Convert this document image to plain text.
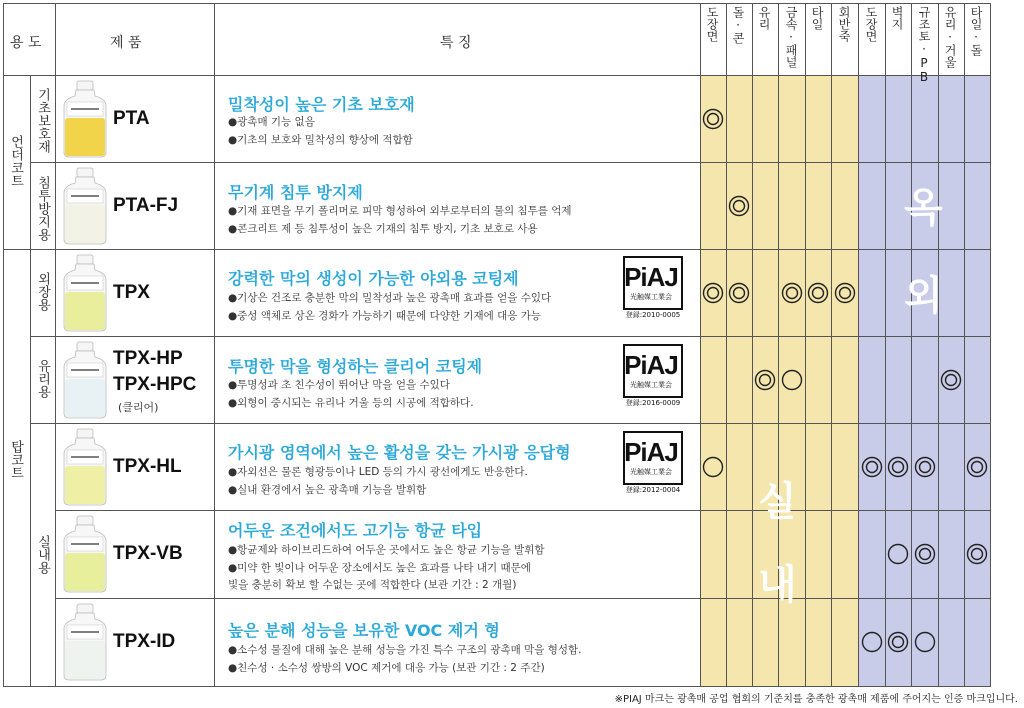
용 도	제 품	특 징
도장면 돌·콘 유리 금속·패널 타일 회반죽 도장면 벽지 규조토·PB 유리·거울 타일·돌
언더코트
탑코트
기초보호재
침투방지용
외장용
유리용
실내용
PTA
PTA-FJ
TPX
TPX-HP
TPX-HPC
(클리어)
TPX-HL
TPX-VB
TPX-ID
밀착성이 높은 기초 보호재
●광촉매 기능 없음
●기초의 보호와 밀착성의 향상에 적합함
무기계 침투 방지제
●기재 표면을 무기 폴리머로 피막 형성하여 외부로부터의 물의 침투를 억제
●콘크리트 제 등 침투성이 높은 기재의 침투 방지, 기초 보호로 사용
강력한 막의 생성이 가능한 야외용 코팅제
●기상은 건조로 충분한 막의 밀착성과 높은 광촉매 효과를 얻을 수있다
●중성 액체로 상온 경화가 가능하기 때문에 다양한 기재에 대응 가능
투명한 막을 형성하는 클리어 코팅제
●투명성과 초 친수성이 뛰어난 막을 얻을 수있다
●외형이 중시되는 유리나 거울 등의 시공에 적합하다.
가시광 영역에서 높은 활성을 갖는 가시광 응답형
●자외선은 물론 형광등이나 LED 등의 가시 광선에게도 반응한다.
●실내 환경에서 높은 광촉매 기능을 발휘함
어두운 조건에서도 고기능 항균 타입
●항균제와 하이브리드하여 어두운 곳에서도 높은 항균 기능을 발휘함
●미약 한 빛이나 어두운 장소에서도 높은 효과를 나타 내기 때문에
빛을 충분히 확보 할 수없는 곳에 적합한다 (보관 기간 : 2 개월)
높은 분해 성능을 보유한 VOC 제거 형
●소수성 물질에 대해 높은 분해 성능을 가진 특수 구조의 광촉매 막을 형성함.
●친수성 · 소수성 쌍방의 VOC 제거에 대응 가능 (보관 기간 : 2 주간)
PiAJ
光触媒工業会
登録:2010-0005
PiAJ
光触媒工業会
登録:2016-0009
PiAJ
光触媒工業会
登録:2012-0004
옥
외
실
내
※PIAJ 마크는 광촉매 공업 협회의 기준치를 충족한 광촉매 제품에 주어지는 인증 마크입니다.
